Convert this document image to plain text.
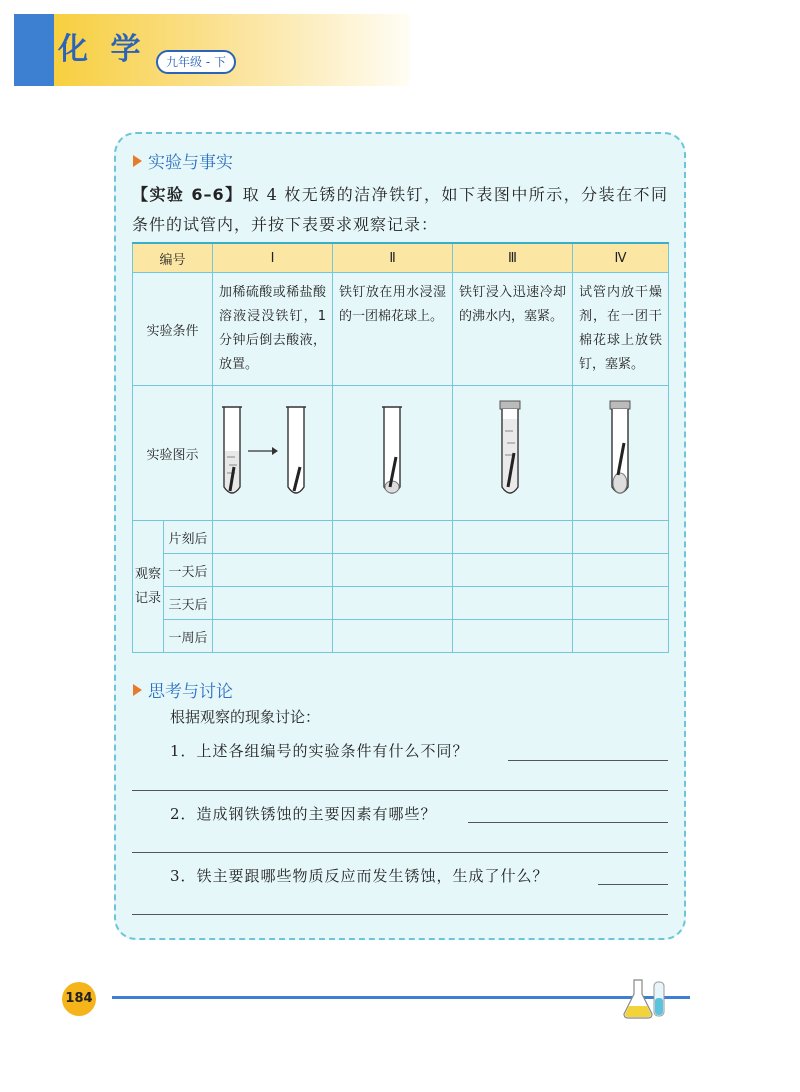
化 学	九年级 - 下
实验与事实
【实验 6–6】取 4 枚无锈的洁净铁钉，如下表图中所示，分装在不同条件的试管内，并按下表要求观察记录：
编号		Ⅰ	Ⅱ	Ⅲ	Ⅳ
实验条件		加稀硫酸或稀盐酸溶液浸没铁钉，1 分钟后倒去酸液，放置。	铁钉放在用水浸湿的一团棉花球上。	铁钉浸入迅速冷却的沸水内，塞紧。	试管内放干燥剂，在一团干棉花球上放铁钉，塞紧。
实验图示				
观察记录	片刻后				
	一天后				
	三天后				
	一周后				
思考与讨论
根据观察的现象讨论：
1．上述各组编号的实验条件有什么不同？
2．造成钢铁锈蚀的主要因素有哪些？
3．铁主要跟哪些物质反应而发生锈蚀，生成了什么？
184
